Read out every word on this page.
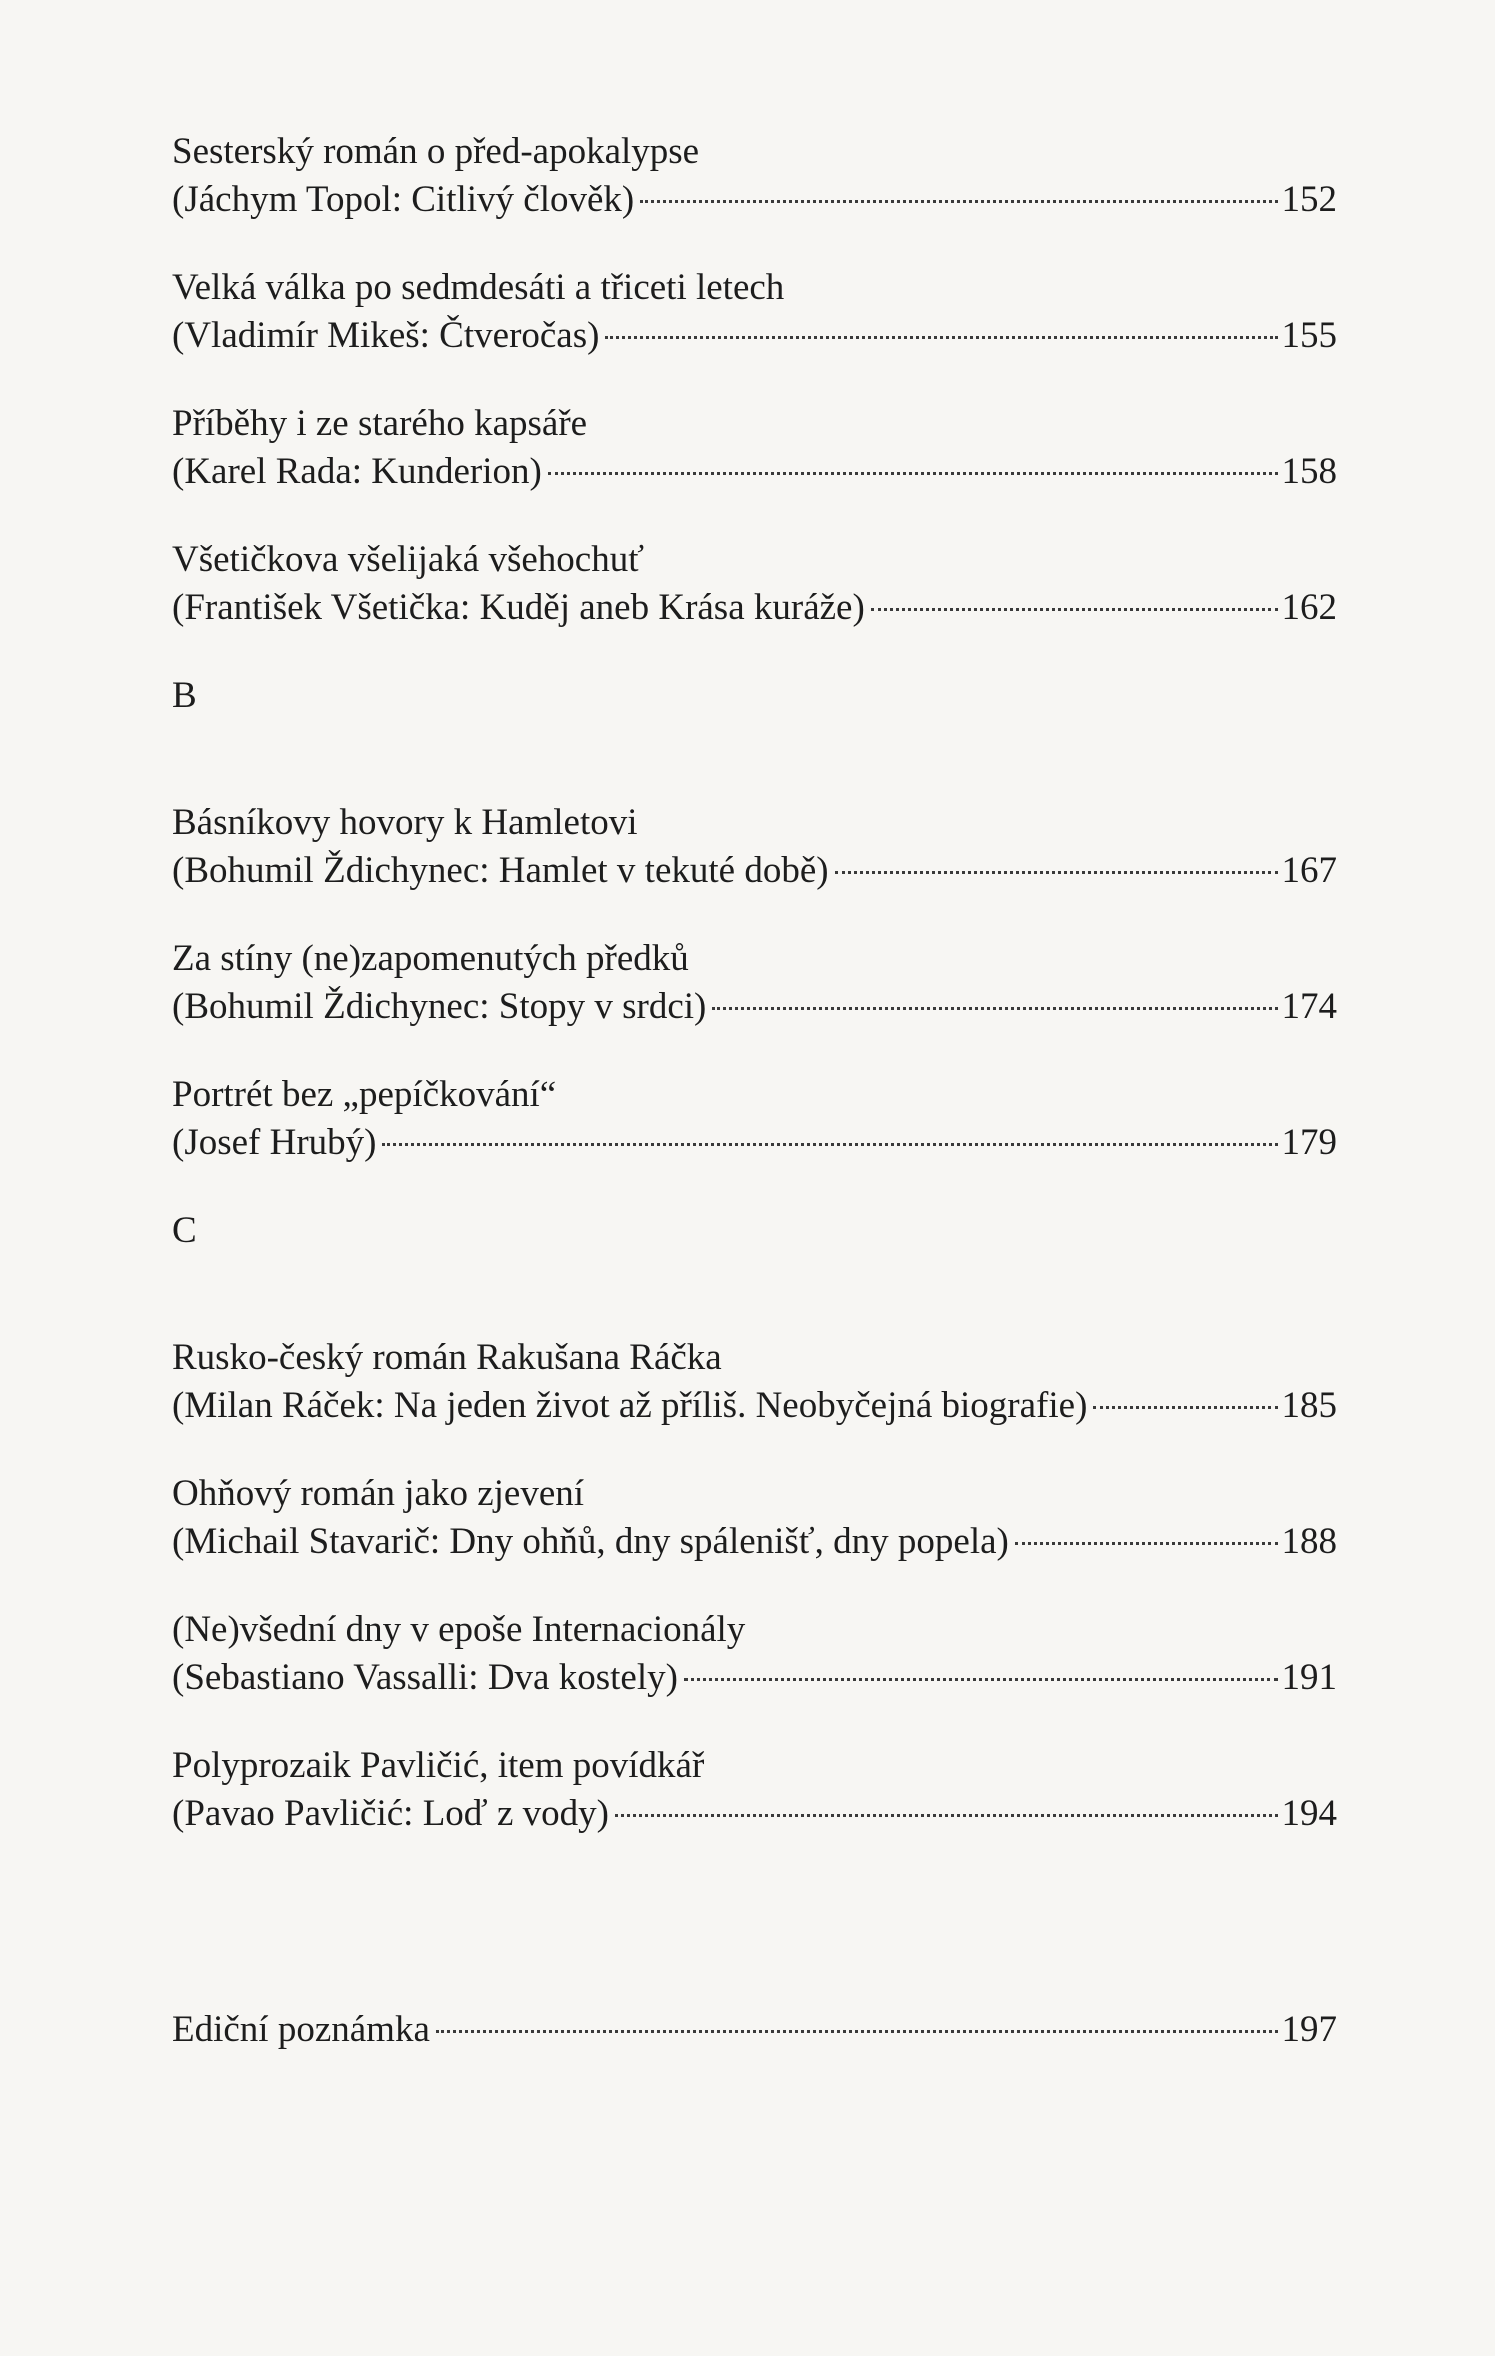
Sesterský román o před-apokalypse
(Jáchym Topol: Citlivý člověk)	152
Velká válka po sedmdesáti a třiceti letech
(Vladimír Mikeš: Čtveročas)	155
Příběhy i ze starého kapsáře
(Karel Rada: Kunderion)	158
Všetičkova všelijaká všehochuť
(František Všetička: Kuděj aneb Krása kuráže)	162
B
Básníkovy hovory k Hamletovi
(Bohumil Ždichynec: Hamlet v tekuté době)	167
Za stíny (ne)zapomenutých předků
(Bohumil Ždichynec: Stopy v srdci)	174
Portrét bez „pepíčkování“
(Josef Hrubý)	179
C
Rusko-český román Rakušana Ráčka
(Milan Ráček: Na jeden život až příliš. Neobyčejná biografie)	185
Ohňový román jako zjevení
(Michail Stavarič: Dny ohňů, dny spálenišť, dny popela)	188
(Ne)všední dny v epoše Internacionály
(Sebastiano Vassalli: Dva kostely)	191
Polyprozaik Pavličić, item povídkář
(Pavao Pavličić: Loď z vody)	194
Ediční poznámka	197
